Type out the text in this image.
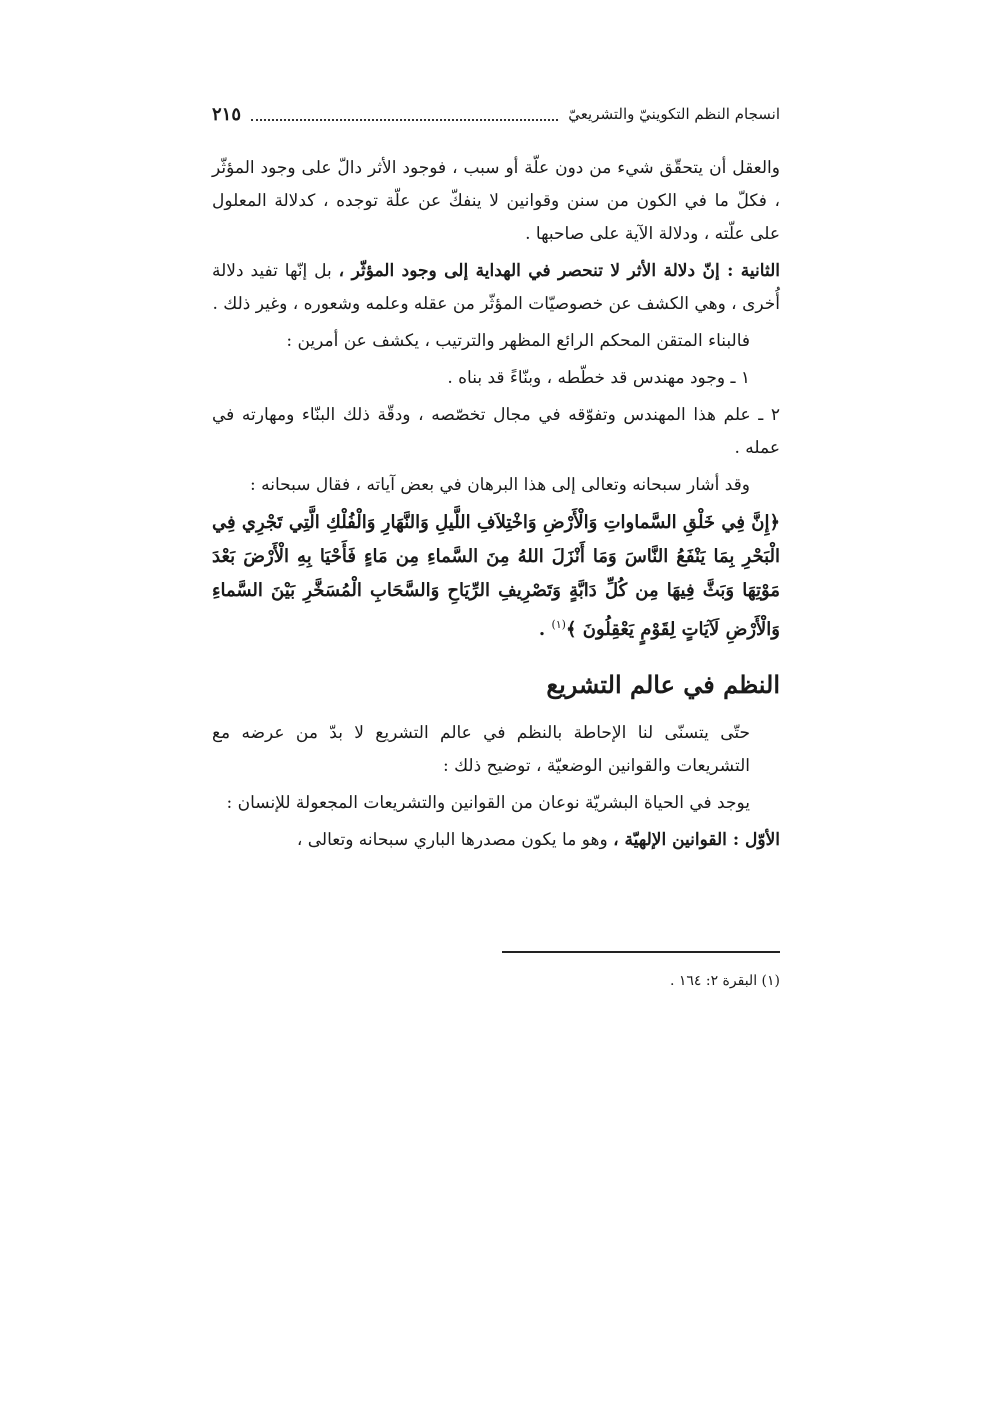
انسجام النظم التكوينيّ والتشريعيّ
٢١٥

والعقل أن يتحقّق شيء من دون علّة أو سبب ، فوجود الأثر دالّ على وجود المؤثّر ، فكلّ ما في الكون من سنن وقوانين لا ينفكّ عن علّة توجده ، كدلالة المعلول على علّته ، ودلالة الآية على صاحبها .

الثانية : إنّ دلالة الأثر لا تنحصر في الهداية إلى وجود المؤثّر ، بل إنّها تفيد دلالة أُخرى ، وهي الكشف عن خصوصيّات المؤثّر من عقله وعلمه وشعوره ، وغير ذلك .

فالبناء المتقن المحكم الرائع المظهر والترتيب ، يكشف عن أمرين :

١ ـ وجود مهندس قد خطّطه ، وبنّاءً قد بناه .

٢ ـ علم هذا المهندس وتفوّقه في مجال تخصّصه ، ودقّة ذلك البنّاء ومهارته في عمله .

وقد أشار سبحانه وتعالى إلى هذا البرهان في بعض آياته ، فقال سبحانه :

﴿إِنَّ فِي خَلْقِ السَّماواتِ وَالْأَرْضِ وَاخْتِلاَفِ اللَّيلِ وَالنَّهَارِ وَالْفُلْكِ الَّتِي تَجْرِي فِي الْبَحْرِ بِمَا يَنْفَعُ النَّاسَ وَمَا أَنْزَلَ اللهُ مِنَ السَّماءِ مِن مَاءٍ فَأَحْيَا بِهِ الْأَرْضَ بَعْدَ مَوْتِهَا وَبَثَّ فِيهَا مِن كُلِّ دَابَّةٍ وَتَصْرِيفِ الرِّيَاحِ وَالسَّحَابِ الْمُسَخَّرِ بَيْنَ السَّماءِ وَالْأَرْضِ لَآيَاتٍ لِقَوْمٍ يَعْقِلُونَ ﴾$^{(١)}$ .

النظم في عالم التشريع

حتّى يتسنّى لنا الإحاطة بالنظم في عالم التشريع لا بدّ من عرضه مع التشريعات والقوانين الوضعيّة ، توضيح ذلك :

يوجد في الحياة البشريّة نوعان من القوانين والتشريعات المجعولة للإنسان :

الأوّل : القوانين الإلهيّة ، وهو ما يكون مصدرها الباري سبحانه وتعالى ،

(١) البقرة ٢: ١٦٤ .
